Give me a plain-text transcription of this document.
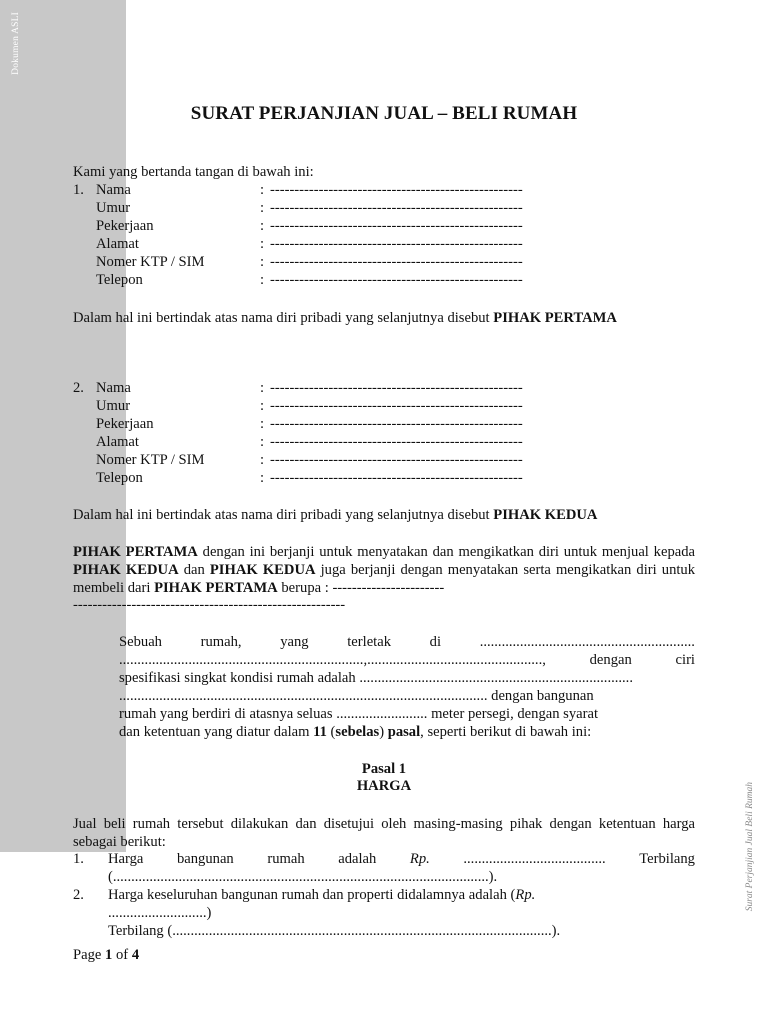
Dokumen ASLI
Surat Perjanjian Jual Beli Rumah
SURAT PERJANJIAN JUAL – BELI RUMAH
Kami yang bertanda tangan di bawah ini:
1. Nama	: ----------------------------------------------------
Umur	: ----------------------------------------------------
Pekerjaan	: ----------------------------------------------------
Alamat	: ----------------------------------------------------
Nomer KTP / SIM	: ----------------------------------------------------
Telepon	: ----------------------------------------------------
Dalam hal ini bertindak atas nama diri pribadi yang selanjutnya disebut PIHAK PERTAMA
2. Nama	: ----------------------------------------------------
Umur	: ----------------------------------------------------
Pekerjaan	: ----------------------------------------------------
Alamat	: ----------------------------------------------------
Nomer KTP / SIM	: ----------------------------------------------------
Telepon	: ----------------------------------------------------
Dalam hal ini bertindak atas nama diri pribadi yang selanjutnya disebut PIHAK KEDUA
PIHAK PERTAMA dengan ini berjanji untuk menyatakan dan mengikatkan diri untuk menjual kepada PIHAK KEDUA dan PIHAK KEDUA juga berjanji dengan menyatakan serta mengikatkan diri untuk membeli dari PIHAK PERTAMA berupa : -----------------------
--------------------------------------------------------
Sebuah	rumah,	yang	terletak	di	...........................................................
...................................................................,................................................,	dengan	ciri
spesifikasi singkat kondisi rumah adalah ...........................................................................
..................................................................................................... dengan bangunan
rumah yang berdiri di atasnya seluas ......................... meter persegi, dengan syarat
dan ketentuan yang diatur dalam 11 (sebelas) pasal, seperti berikut di bawah ini:
Pasal 1
HARGA
Jual beli rumah tersebut dilakukan dan disetujui oleh masing-masing pihak dengan ketentuan harga sebagai berikut:
1. Harga bangunan rumah adalah Rp. ....................................... Terbilang
(.......................................................................................................).
2. Harga keseluruhan bangunan rumah dan properti didalamnya adalah (Rp.
...........................)
Terbilang (........................................................................................................).
Page 1 of 4
